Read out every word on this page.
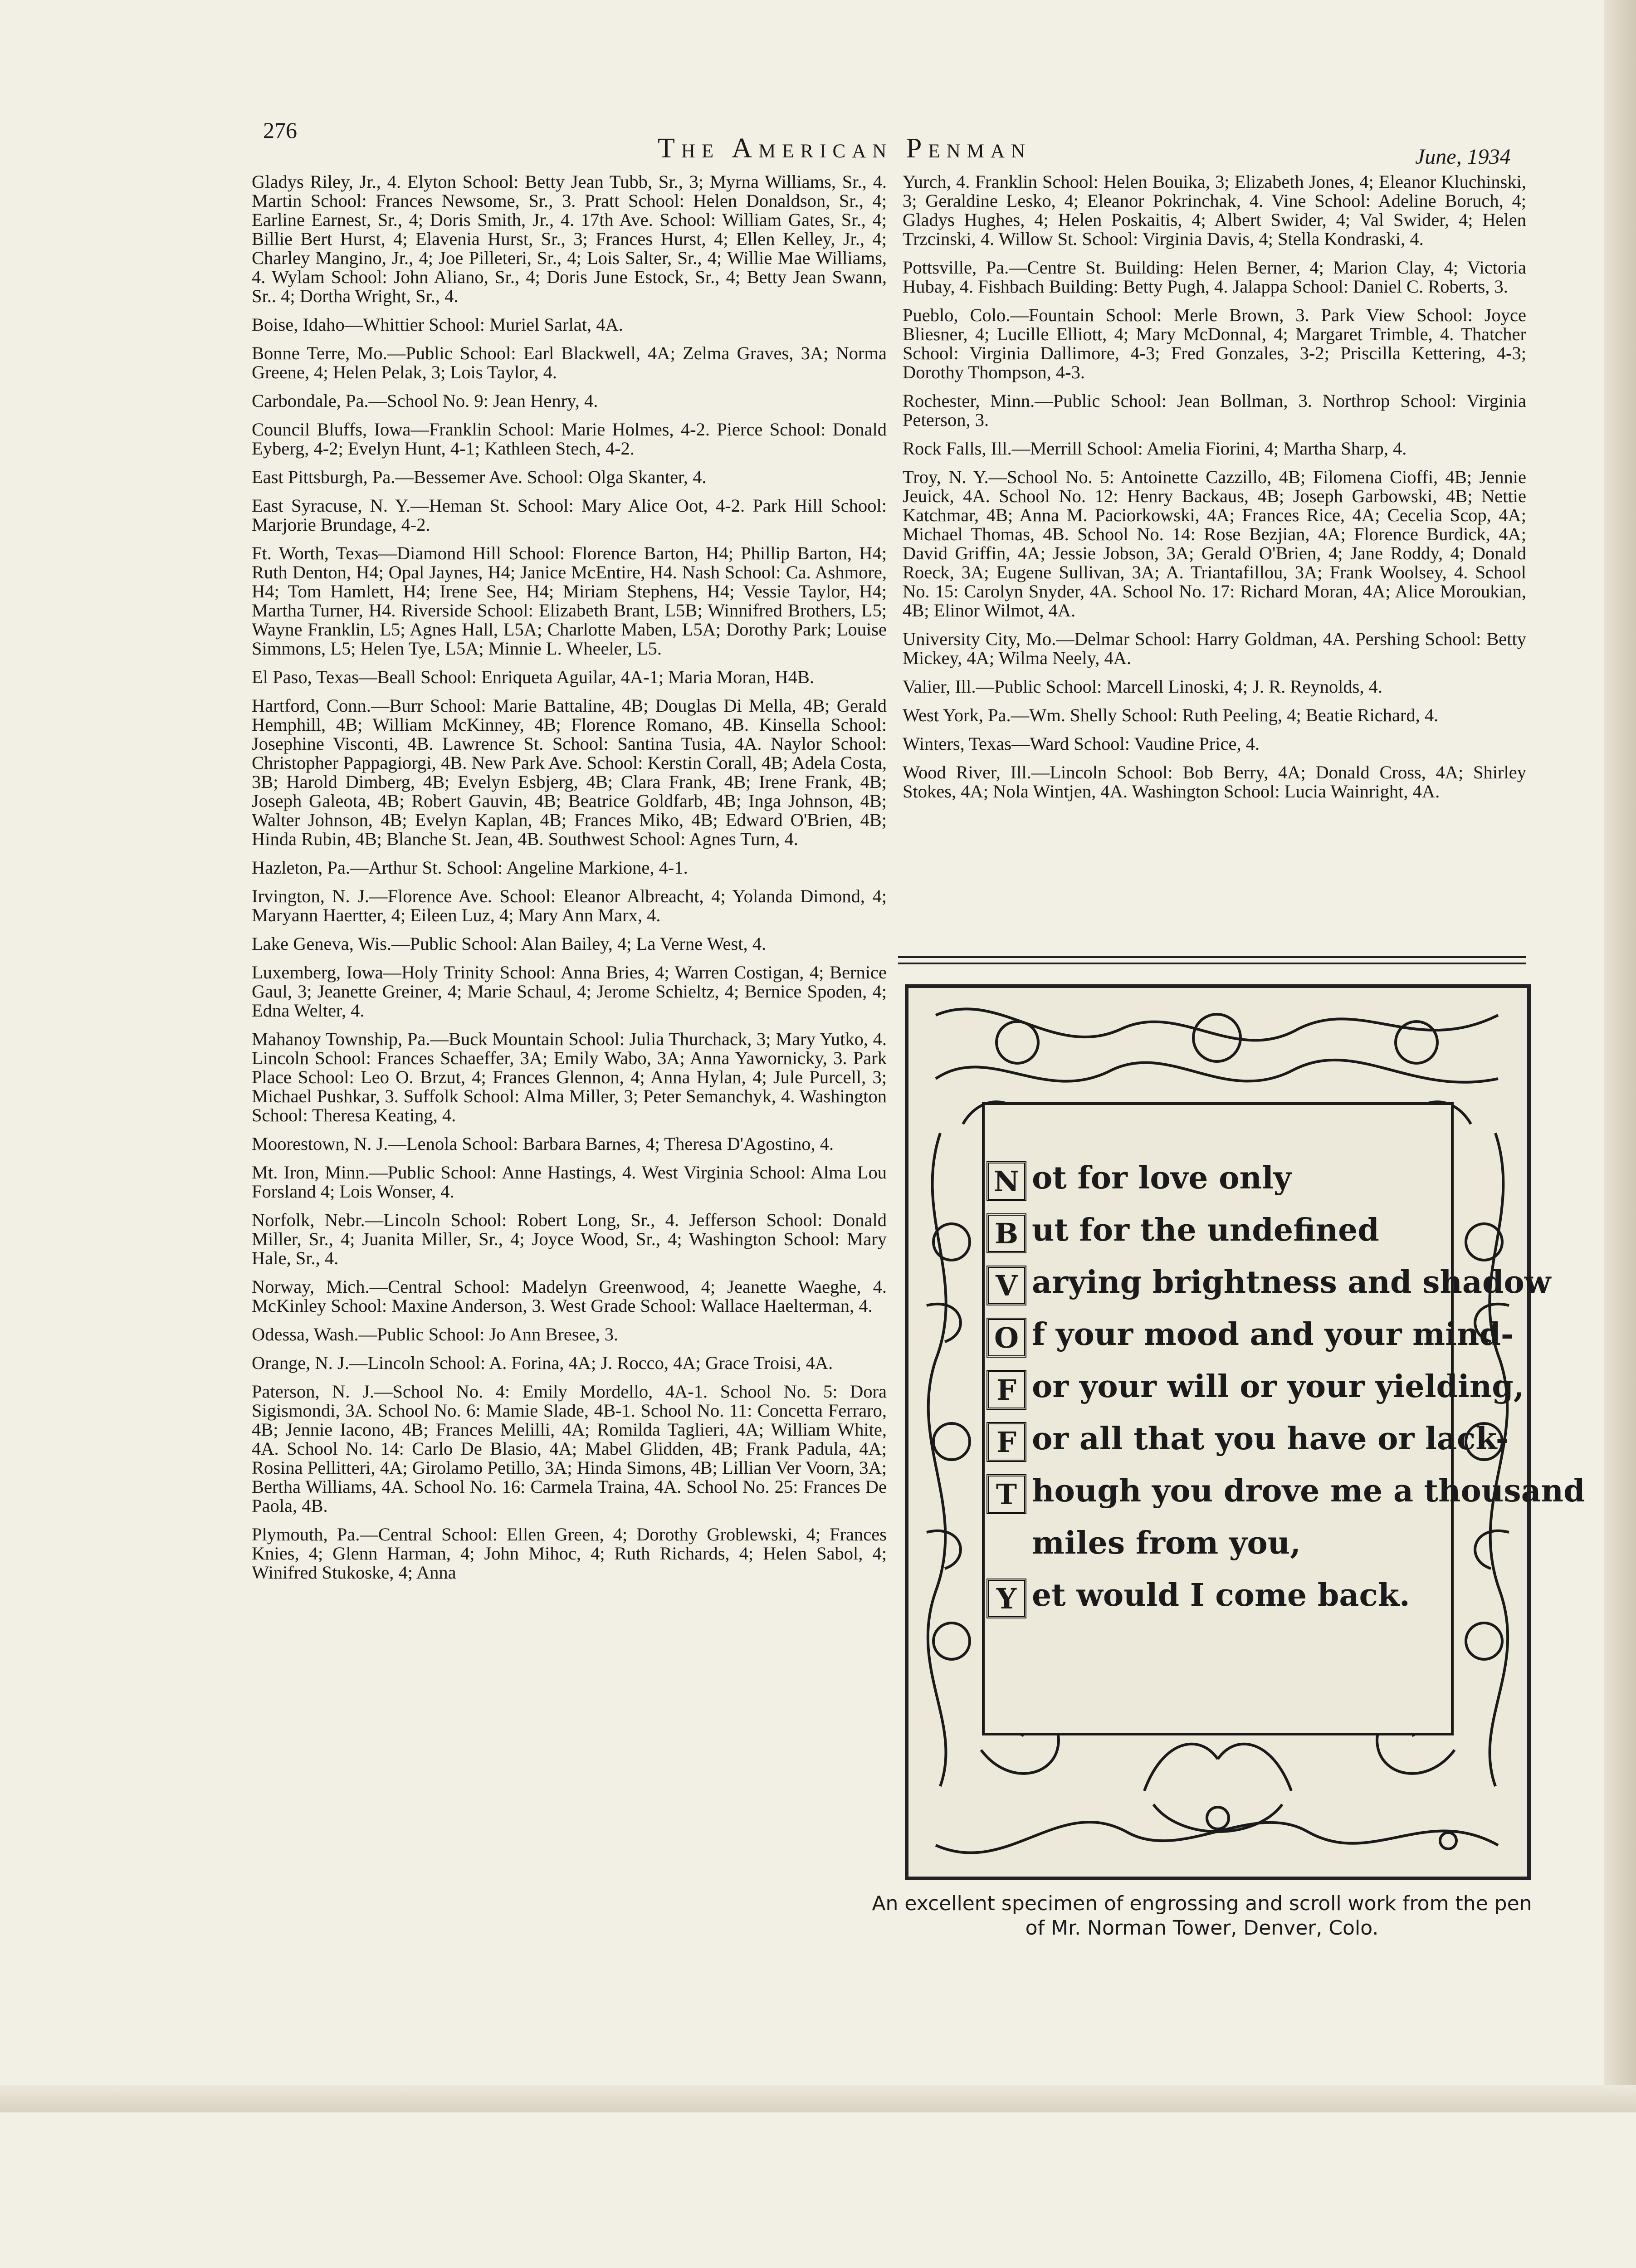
276
The American Penman	June, 1934

Gladys Riley, Jr., 4. Elyton School: Betty Jean Tubb, Sr., 3; Myrna Williams, Sr., 4. Martin School: Frances Newsome, Sr., 3. Pratt School: Helen Donaldson, Sr., 4; Earline Earnest, Sr., 4; Doris Smith, Jr., 4. 17th Ave. School: William Gates, Sr., 4; Billie Bert Hurst, 4; Elavenia Hurst, Sr., 3; Frances Hurst, 4; Ellen Kelley, Jr., 4; Charley Mangino, Jr., 4; Joe Pilleteri, Sr., 4; Lois Salter, Sr., 4; Willie Mae Williams, 4. Wylam School: John Aliano, Sr., 4; Doris June Estock, Sr., 4; Betty Jean Swann, Sr.. 4; Dortha Wright, Sr., 4.

Boise, Idaho—Whittier School: Muriel Sarlat, 4A.

Bonne Terre, Mo.—Public School: Earl Blackwell, 4A; Zelma Graves, 3A; Norma Greene, 4; Helen Pelak, 3; Lois Taylor, 4.

Carbondale, Pa.—School No. 9: Jean Henry, 4.

Council Bluffs, Iowa—Franklin School: Marie Holmes, 4-2. Pierce School: Donald Eyberg, 4-2; Evelyn Hunt, 4-1; Kathleen Stech, 4-2.

East Pittsburgh, Pa.—Bessemer Ave. School: Olga Skanter, 4.

East Syracuse, N. Y.—Heman St. School: Mary Alice Oot, 4-2. Park Hill School: Marjorie Brundage, 4-2.

Ft. Worth, Texas—Diamond Hill School: Florence Barton, H4; Phillip Barton, H4; Ruth Denton, H4; Opal Jaynes, H4; Janice McEntire, H4. Nash School: Ca. Ashmore, H4; Tom Hamlett, H4; Irene See, H4; Miriam Stephens, H4; Vessie Taylor, H4; Martha Turner, H4. Riverside School: Elizabeth Brant, L5B; Winnifred Brothers, L5; Wayne Franklin, L5; Agnes Hall, L5A; Charlotte Maben, L5A; Dorothy Park; Louise Simmons, L5; Helen Tye, L5A; Minnie L. Wheeler, L5.

El Paso, Texas—Beall School: Enriqueta Aguilar, 4A-1; Maria Moran, H4B.

Hartford, Conn.—Burr School: Marie Battaline, 4B; Douglas Di Mella, 4B; Gerald Hemphill, 4B; William McKinney, 4B; Florence Romano, 4B. Kinsella School: Josephine Visconti, 4B. Lawrence St. School: Santina Tusia, 4A. Naylor School: Christopher Pappagiorgi, 4B. New Park Ave. School: Kerstin Corall, 4B; Adela Costa, 3B; Harold Dimberg, 4B; Evelyn Esbjerg, 4B; Clara Frank, 4B; Irene Frank, 4B; Joseph Galeota, 4B; Robert Gauvin, 4B; Beatrice Goldfarb, 4B; Inga Johnson, 4B; Walter Johnson, 4B; Evelyn Kaplan, 4B; Frances Miko, 4B; Edward O'Brien, 4B; Hinda Rubin, 4B; Blanche St. Jean, 4B. Southwest School: Agnes Turn, 4.

Hazleton, Pa.—Arthur St. School: Angeline Markione, 4-1.

Irvington, N. J.—Florence Ave. School: Eleanor Albreacht, 4; Yolanda Dimond, 4; Maryann Haertter, 4; Eileen Luz, 4; Mary Ann Marx, 4.

Lake Geneva, Wis.—Public School: Alan Bailey, 4; La Verne West, 4.

Luxemberg, Iowa—Holy Trinity School: Anna Bries, 4; Warren Costigan, 4; Bernice Gaul, 3; Jeanette Greiner, 4; Marie Schaul, 4; Jerome Schieltz, 4; Bernice Spoden, 4; Edna Welter, 4.

Mahanoy Township, Pa.—Buck Mountain School: Julia Thurchack, 3; Mary Yutko, 4. Lincoln School: Frances Schaeffer, 3A; Emily Wabo, 3A; Anna Yawornicky, 3. Park Place School: Leo O. Brzut, 4; Frances Glennon, 4; Anna Hylan, 4; Jule Purcell, 3; Michael Pushkar, 3. Suffolk School: Alma Miller, 3; Peter Semanchyk, 4. Washington School: Theresa Keating, 4.

Moorestown, N. J.—Lenola School: Barbara Barnes, 4; Theresa D'Agostino, 4.

Mt. Iron, Minn.—Public School: Anne Hastings, 4. West Virginia School: Alma Lou Forsland 4; Lois Wonser, 4.

Norfolk, Nebr.—Lincoln School: Robert Long, Sr., 4. Jefferson School: Donald Miller, Sr., 4; Juanita Miller, Sr., 4; Joyce Wood, Sr., 4; Washington School: Mary Hale, Sr., 4.

Norway, Mich.—Central School: Madelyn Greenwood, 4; Jeanette Waeghe, 4. McKinley School: Maxine Anderson, 3. West Grade School: Wallace Haelterman, 4.

Odessa, Wash.—Public School: Jo Ann Bresee, 3.

Orange, N. J.—Lincoln School: A. Forina, 4A; J. Rocco, 4A; Grace Troisi, 4A.

Paterson, N. J.—School No. 4: Emily Mordello, 4A-1. School No. 5: Dora Sigismondi, 3A. School No. 6: Mamie Slade, 4B-1. School No. 11: Concetta Ferraro, 4B; Jennie Iacono, 4B; Frances Melilli, 4A; Romilda Taglieri, 4A; William White, 4A. School No. 14: Carlo De Blasio, 4A; Mabel Glidden, 4B; Frank Padula, 4A; Rosina Pellitteri, 4A; Girolamo Petillo, 3A; Hinda Simons, 4B; Lillian Ver Voorn, 3A; Bertha Williams, 4A. School No. 16: Carmela Traina, 4A. School No. 25: Frances De Paola, 4B.

Plymouth, Pa.—Central School: Ellen Green, 4; Dorothy Groblewski, 4; Frances Knies, 4; Glenn Harman, 4; John Mihoc, 4; Ruth Richards, 4; Helen Sabol, 4; Winifred Stukoske, 4; Anna

Yurch, 4. Franklin School: Helen Bouika, 3; Elizabeth Jones, 4; Eleanor Kluchinski, 3; Geraldine Lesko, 4; Eleanor Pokrinchak, 4. Vine School: Adeline Boruch, 4; Gladys Hughes, 4; Helen Poskaitis, 4; Albert Swider, 4; Val Swider, 4; Helen Trzcinski, 4. Willow St. School: Virginia Davis, 4; Stella Kondraski, 4.

Pottsville, Pa.—Centre St. Building: Helen Berner, 4; Marion Clay, 4; Victoria Hubay, 4. Fishbach Building: Betty Pugh, 4. Jalappa School: Daniel C. Roberts, 3.

Pueblo, Colo.—Fountain School: Merle Brown, 3. Park View School: Joyce Bliesner, 4; Lucille Elliott, 4; Mary McDonnal, 4; Margaret Trimble, 4. Thatcher School: Virginia Dallimore, 4-3; Fred Gonzales, 3-2; Priscilla Kettering, 4-3; Dorothy Thompson, 4-3.

Rochester, Minn.—Public School: Jean Bollman, 3. Northrop School: Virginia Peterson, 3.

Rock Falls, Ill.—Merrill School: Amelia Fiorini, 4; Martha Sharp, 4.

Troy, N. Y.—School No. 5: Antoinette Cazzillo, 4B; Filomena Cioffi, 4B; Jennie Jeuick, 4A. School No. 12: Henry Backaus, 4B; Joseph Garbowski, 4B; Nettie Katchmar, 4B; Anna M. Paciorkowski, 4A; Frances Rice, 4A; Cecelia Scop, 4A; Michael Thomas, 4B. School No. 14: Rose Bezjian, 4A; Florence Burdick, 4A; David Griffin, 4A; Jessie Jobson, 3A; Gerald O'Brien, 4; Jane Roddy, 4; Donald Roeck, 3A; Eugene Sullivan, 3A; A. Triantafillou, 3A; Frank Woolsey, 4. School No. 15: Carolyn Snyder, 4A. School No. 17: Richard Moran, 4A; Alice Moroukian, 4B; Elinor Wilmot, 4A.

University City, Mo.—Delmar School: Harry Goldman, 4A. Pershing School: Betty Mickey, 4A; Wilma Neely, 4A.

Valier, Ill.—Public School: Marcell Linoski, 4; J. R. Reynolds, 4.

West York, Pa.—Wm. Shelly School: Ruth Peeling, 4; Beatie Richard, 4.

Winters, Texas—Ward School: Vaudine Price, 4.

Wood River, Ill.—Lincoln School: Bob Berry, 4A; Donald Cross, 4A; Shirley Stokes, 4A; Nola Wintjen, 4A. Washington School: Lucia Wainright, 4A.

N ot for love only
B ut for the undefined
V arying brightness and shadow
O f your mood and your mind-
F or your will or your yielding,
F or all that you have or lack-
T hough you drove me a thousand
miles from you,
Y et would I come back.
An excellent specimen of engrossing and scroll work from the pen of Mr. Norman Tower, Denver, Colo.
